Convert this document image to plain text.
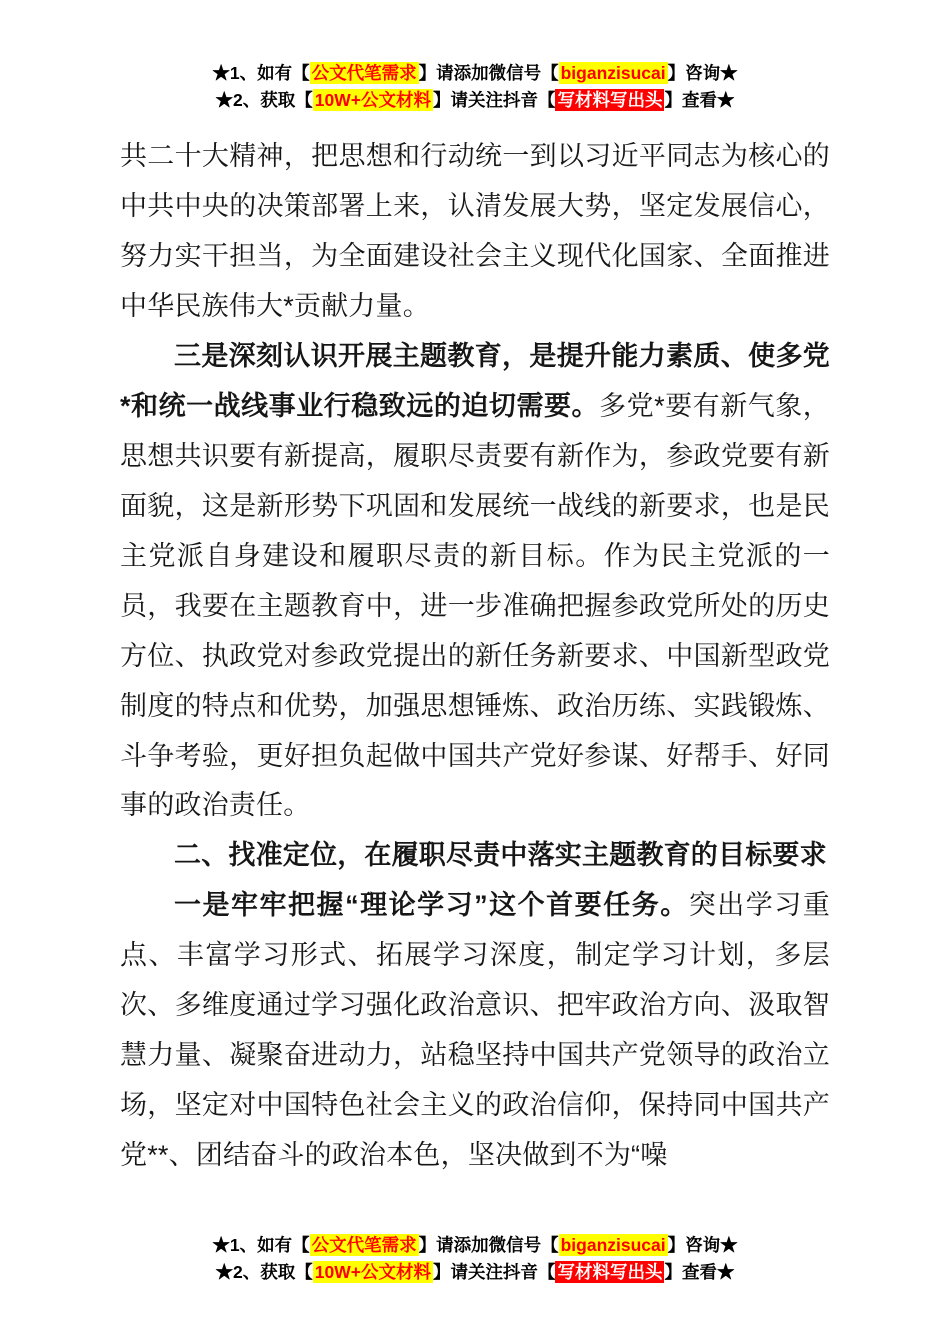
★1、如有【 公文代笔需求 】请添加微信号【 biganzisucai 】咨询★
★2、获取【 10W+公文材料 】请关注抖音【 写材料写出头 】查看★

共二十大精神，把思想和行动统一到以习近平同志为核心的中共中央的决策部署上来，认清发展大势，坚定发展信心，努力实干担当，为全面建设社会主义现代化国家、全面推进中华民族伟大*贡献力量。

三是深刻认识开展主题教育，是提升能力素质、使多党*和统一战线事业行稳致远的迫切需要。多党*要有新气象，思想共识要有新提高，履职尽责要有新作为，参政党要有新面貌，这是新形势下巩固和发展统一战线的新要求，也是民主党派自身建设和履职尽责的新目标。作为民主党派的一员，我要在主题教育中，进一步准确把握参政党所处的历史方位、执政党对参政党提出的新任务新要求、中国新型政党制度的特点和优势，加强思想锤炼、政治历练、实践锻炼、斗争考验，更好担负起做中国共产党好参谋、好帮手、好同事的政治责任。

二、找准定位，在履职尽责中落实主题教育的目标要求

一是牢牢把握“理论学习”这个首要任务。突出学习重点、丰富学习形式、拓展学习深度，制定学习计划，多层次、多维度通过学习强化政治意识、把牢政治方向、汲取智慧力量、凝聚奋进动力，站稳坚持中国共产党领导的政治立场，坚定对中国特色社会主义的政治信仰，保持同中国共产党**、团结奋斗的政治本色，坚决做到不为“噪

★1、如有【 公文代笔需求 】请添加微信号【 biganzisucai 】咨询★
★2、获取【 10W+公文材料 】请关注抖音【 写材料写出头 】查看★
